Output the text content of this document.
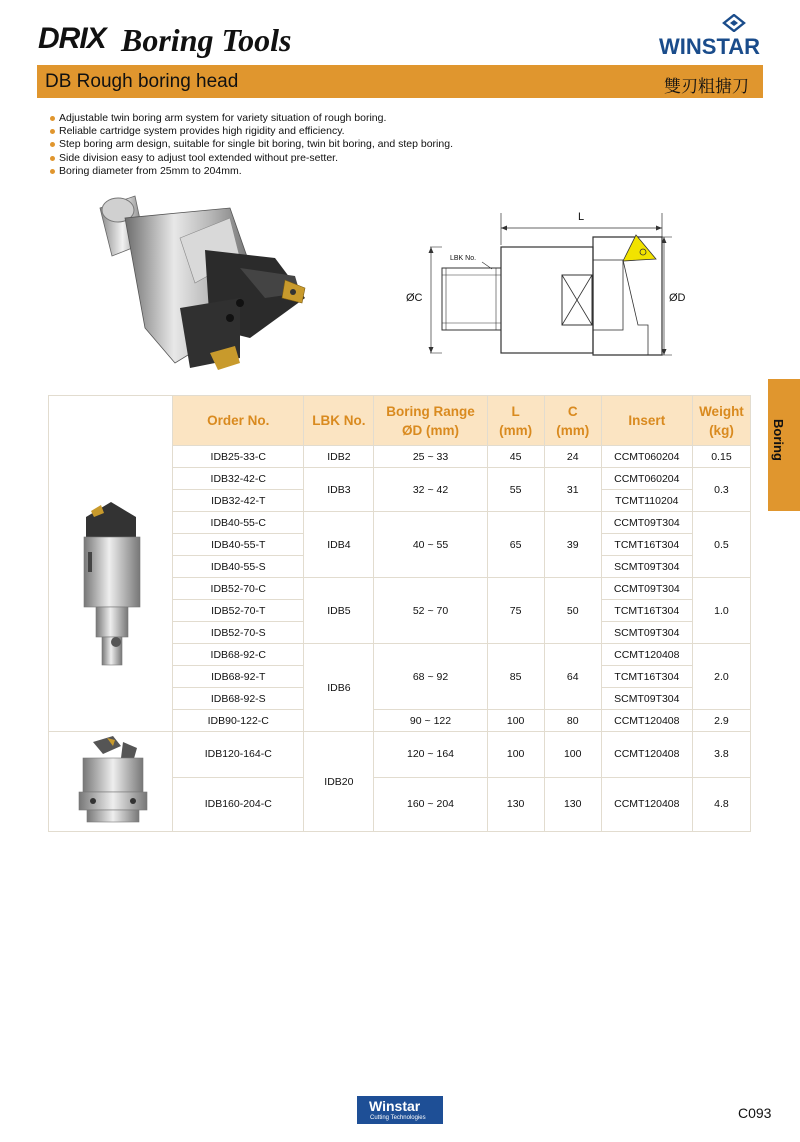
DRIX Boring Tools	WINSTAR
DB Rough boring head	雙刃粗搪刀
Adjustable twin boring arm system for variety situation of rough boring.
Reliable cartridge system provides high rigidity and efficiency.
Step boring arm design, suitable for single bit boring, twin bit boring, and step boring.
Side division easy to adjust tool extended without pre-setter.
Boring diameter from 25mm to 204mm.
L
ØC	ØD
LBK No.
Boring
	Order No.	LBK No.	Boring Range
ØD (mm)	L
(mm)	C
(mm)	Insert	Weight
(kg)
	IDB25-33-C	IDB2	25 ~ 33	45	24	CCMT060204	0.15
	IDB32-42-C	IDB3	32 ~ 42	55	31	CCMT060204	0.3
	IDB32-42-T					TCMT110204	
	IDB40-55-C	IDB4	40 ~ 55	65	39	CCMT09T304	0.5
	IDB40-55-T					TCMT16T304	
	IDB40-55-S					SCMT09T304	
	IDB52-70-C	IDB5	52 ~ 70	75	50	CCMT09T304	1.0
	IDB52-70-T					TCMT16T304	
	IDB52-70-S					SCMT09T304	
	IDB68-92-C	IDB6	68 ~ 92	85	64	CCMT120408	2.0
	IDB68-92-T					TCMT16T304	
	IDB68-92-S					SCMT09T304	
	IDB90-122-C		90 ~ 122	100	80	CCMT120408	2.9
	IDB120-164-C	IDB20	120 ~ 164	100	100	CCMT120408	3.8
	IDB160-204-C		160 ~ 204	130	130	CCMT120408	4.8
Winstar
Cutting Technologies	C093
